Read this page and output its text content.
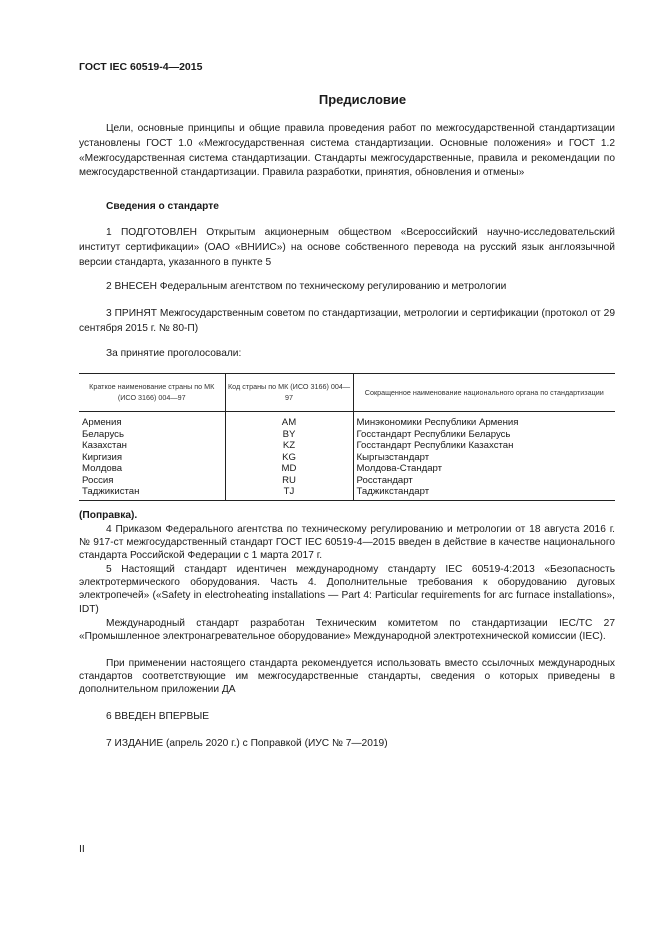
ГОСТ IEC 60519-4—2015
Предисловие
Цели, основные принципы и общие правила проведения работ по межгосударственной стандартизации установлены ГОСТ 1.0 «Межгосударственная система стандартизации. Основные положения» и ГОСТ 1.2 «Межгосударственная система стандартизации. Стандарты межгосударственные, правила и рекомендации по межгосударственной стандартизации. Правила разработки, принятия, обновления и отмены»
Сведения о стандарте
1 ПОДГОТОВЛЕН Открытым акционерным обществом «Всероссийский научно-исследовательский институт сертификации» (ОАО «ВНИИС») на основе собственного перевода на русский язык англоязычной версии стандарта, указанного в пункте 5
2 ВНЕСЕН Федеральным агентством по техническому регулированию и метрологии
3 ПРИНЯТ Межгосударственным советом по стандартизации, метрологии и сертификации (протокол от 29 сентября 2015 г. № 80-П)
За принятие проголосовали:
Краткое наименование страны по МК (ИСО 3166) 004—97	Код страны по МК (ИСО 3166) 004—97	Сокращенное наименование национального органа по стандартизации
Армения	AM	Минэкономики Республики Армения
Беларусь	BY	Госстандарт Республики Беларусь
Казахстан	KZ	Госстандарт Республики Казахстан
Киргизия	KG	Кыргызстандарт
Молдова	MD	Молдова-Стандарт
Россия	RU	Росстандарт
Таджикистан	TJ	Таджикстандарт
(Поправка).
4 Приказом Федерального агентства по техническому регулированию и метрологии от 18 августа 2016 г. № 917-ст межгосударственный стандарт ГОСТ IEC 60519-4—2015 введен в действие в качестве национального стандарта Российской Федерации с 1 марта 2017 г.
5 Настоящий стандарт идентичен международному стандарту IEC 60519-4:2013 «Безопасность электротермического оборудования. Часть 4. Дополнительные требования к оборудованию дуговых электропечей» («Safety in electroheating installations — Part 4: Particular requirements for arc furnace installations», IDT)
Международный стандарт разработан Техническим комитетом по стандартизации IEC/TC 27 «Промышленное электронагревательное оборудование» Международной электротехнической комиссии (IEC).
При применении настоящего стандарта рекомендуется использовать вместо ссылочных международных стандартов соответствующие им межгосударственные стандарты, сведения о которых приведены в дополнительном приложении ДА
6 ВВЕДЕН ВПЕРВЫЕ
7 ИЗДАНИЕ (апрель 2020 г.) с Поправкой (ИУС № 7—2019)
II
